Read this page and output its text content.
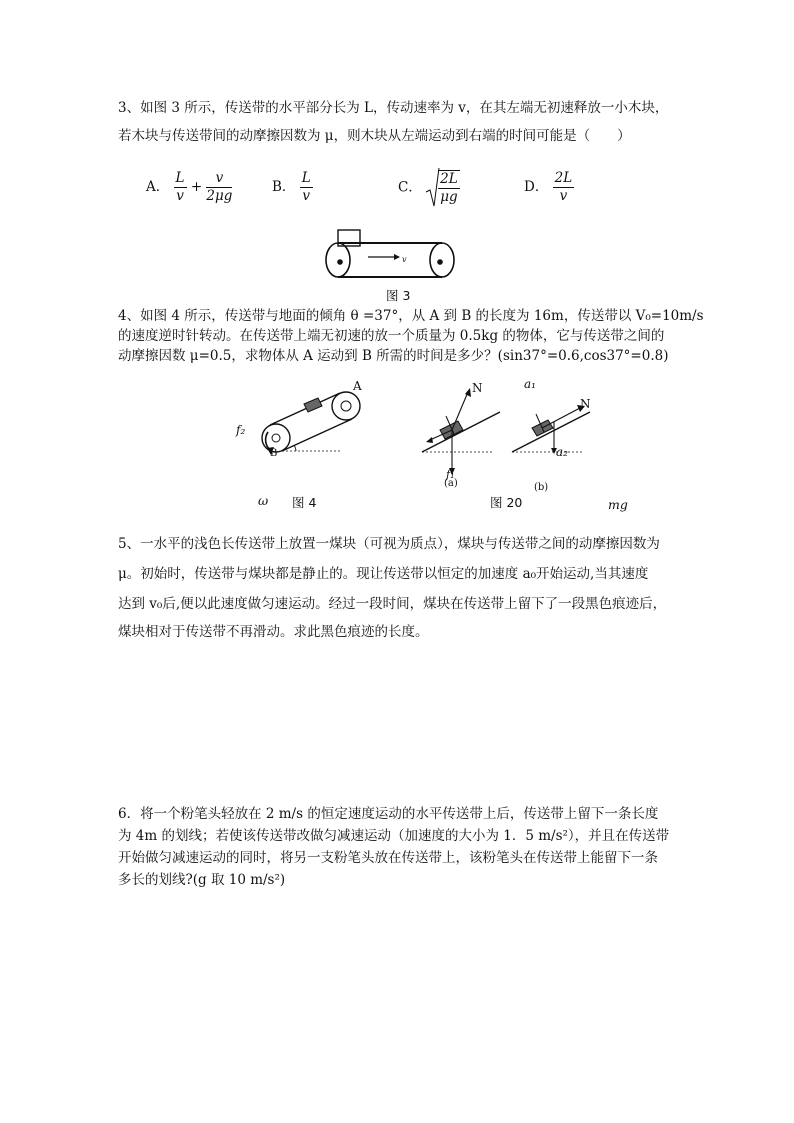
3、如图 3 所示，传送带的水平部分长为 L，传动速率为 v，在其左端无初速释放一小木块，
若木块与传送带间的动摩擦因数为 μ，则木块从左端运动到右端的时间可能是（　　）
A． $\frac{L}{v} + \frac{v}{2\mu g}$	B． $\frac{L}{v}$	C． $\frac{2L}{\mu g}$	D． $\frac{2L}{v}$
v
图 3
4、如图 4 所示，传送带与地面的倾角 θ =37°，从 A 到 B 的长度为 16m，传送带以 V₀=10m/s
的速度逆时针转动。在传送带上端无初速的放一个质量为 0.5kg 的物体，它与传送带之间的
动摩擦因数 μ=0.5，求物体从 A 运动到 B 所需的时间是多少？(sin37°=0.6,cos37°=0.8)
A
B
f₂
ω 图 4
N
f₁
(a)
图 20
a₁
N
a₂
(b)
mg
5、一水平的浅色长传送带上放置一煤块（可视为质点），煤块与传送带之间的动摩擦因数为
μ。初始时，传送带与煤块都是静止的。现让传送带以恒定的加速度 a₀开始运动,当其速度
达到 v₀后,便以此速度做匀速运动。经过一段时间，煤块在传送带上留下了一段黑色痕迹后，
煤块相对于传送带不再滑动。求此黑色痕迹的长度。
6．将一个粉笔头轻放在 2 m/s 的恒定速度运动的水平传送带上后，传送带上留下一条长度
为 4m 的划线；若使该传送带改做匀减速运动（加速度的大小为 1．5 m/s²），并且在传送带
开始做匀减速运动的同时，将另一支粉笔头放在传送带上，该粉笔头在传送带上能留下一条
多长的划线?(g 取 10 m/s²)
